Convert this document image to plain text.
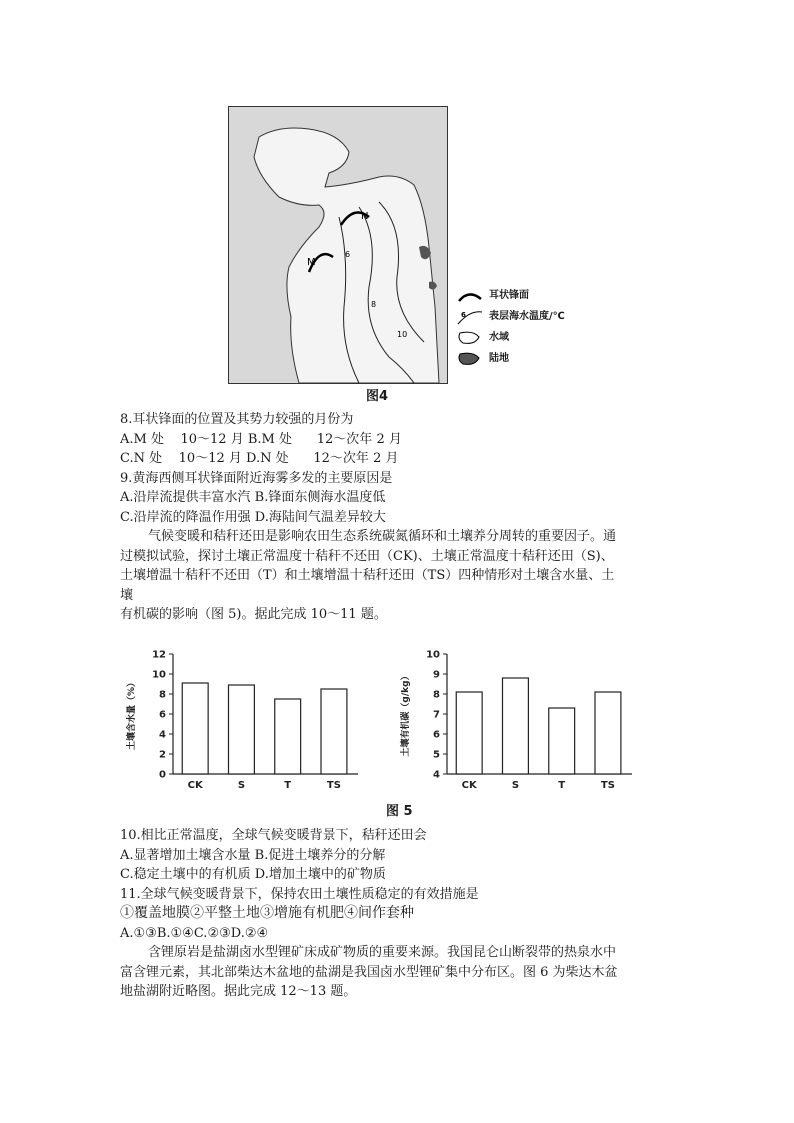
N
M
6
8
10
耳状锋面
6 表层海水温度/℃
水域
陆地
图4

8.耳状锋面的位置及其势力较强的月份为

A.M 处    10～12 月 B.M 处      12～次年 2 月

C.N 处    10～12 月 D.N 处      12～次年 2 月

9.黄海西侧耳状锋面附近海雾多发的主要原因是

A.沿岸流提供丰富水汽 B.锋面东侧海水温度低

C.沿岸流的降温作用强 D.海陆间气温差异较大

气候变暖和秸秆还田是影响农田生态系统碳氮循环和土壤养分周转的重要因子。通

过模拟试验，探讨土壤正常温度十秸秆不还田（CK)、土壤正常温度十秸秆还田（S)、

土壤增温十秸秆不还田（T）和土壤增温十秸秆还田（TS）四种情形对土壤含水量、土

壤

有机碳的影响（图 5)。据此完成 10～11 题。

0
2
4
6
8
10
12
CK	S	T	TS
土壤含水量（%）
4
5
6
7
8
9
10
CK	S	T	TS
土壤有机碳（g/kg）
图 5

10.相比正常温度，全球气候变暖背景下，秸秆还田会

A.显著增加土壤含水量 B.促进土壤养分的分解

C.稳定土壤中的有机质 D.增加土壤中的矿物质

11.全球气候变暖背景下，保持农田土壤性质稳定的有效措施是

①覆盖地膜②平整土地③增施有机肥④间作套种

A.①③B.①④C.②③D.②④

含锂原岩是盐湖卤水型锂矿床成矿物质的重要来源。我国昆仑山断裂带的热泉水中

富含锂元素，其北部柴达木盆地的盐湖是我国卤水型锂矿集中分布区。图 6 为柴达木盆

地盐湖附近略图。据此完成 12～13 题。
